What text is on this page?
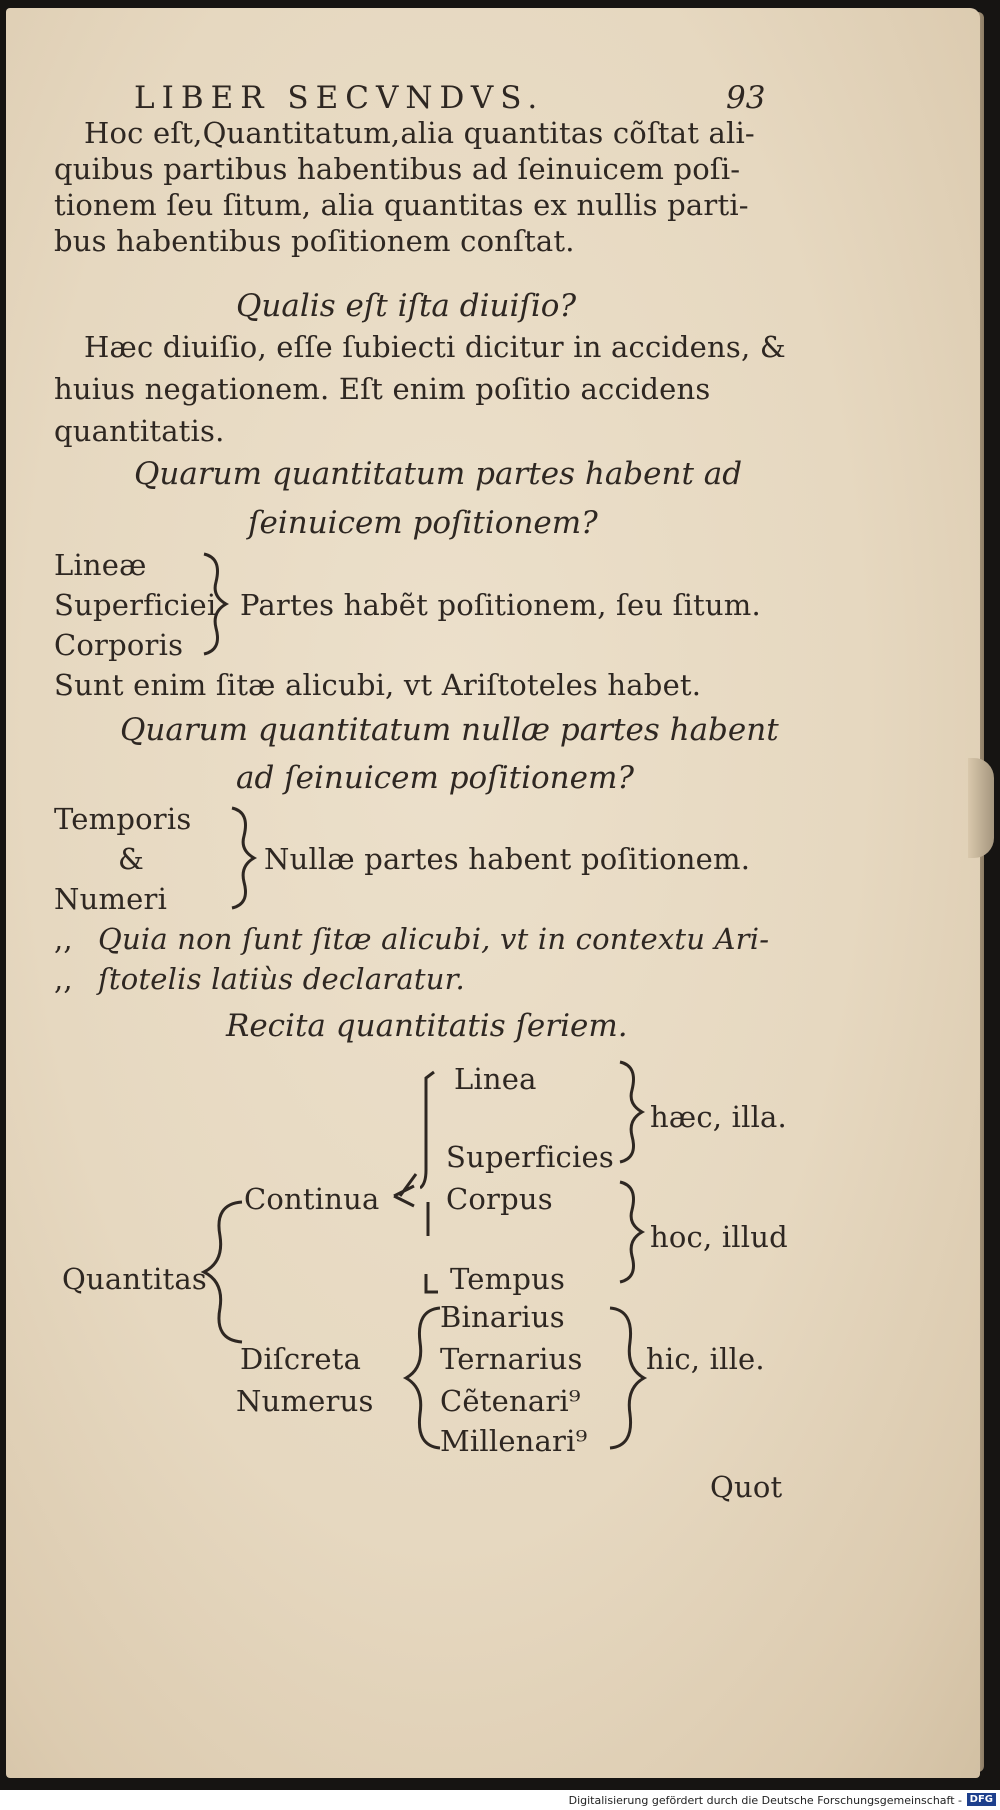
LIBER SECVNDVS.	93
Hoc eſt,Quantitatum,alia quantitas cõſtat ali-
quibus partibus habentibus ad ſeinuicem poſi-
tionem ſeu ſitum, alia quantitas ex nullis parti-
bus habentibus poſitionem conſtat.
Qualis eſt iſta diuiſio?
Hæc diuiſio, eſſe ſubiecti dicitur in accidens, &
huius negationem. Eſt enim poſitio accidens
quantitatis.
Quarum quantitatum partes habent ad
ſeinuicem poſitionem?
Lineæ
Superficiei
Corporis
Partes habẽt poſitionem, ſeu ſitum.
Sunt enim ſitæ alicubi, vt Ariſtoteles habet.
Quarum quantitatum nullæ partes habent
ad ſeinuicem poſitionem?
Temporis
&
Numeri
Nullæ partes habent poſitionem.
,,
,,
Quia non ſunt ſitæ alicubi, vt in contextu Ari-
ſtotelis latiùs declaratur.
Recita quantitatis ſeriem.
Linea
Superficies
Corpus
Tempus
hæc, illa.
hoc, illud
Continua
Quantitas
Diſcreta
Numerus
Binarius
Ternarius
Cẽtenari⁹
Millenari⁹
hic, ille.
Quot
Digitalisierung gefördert durch die Deutsche Forschungsgemeinschaft - DFG
